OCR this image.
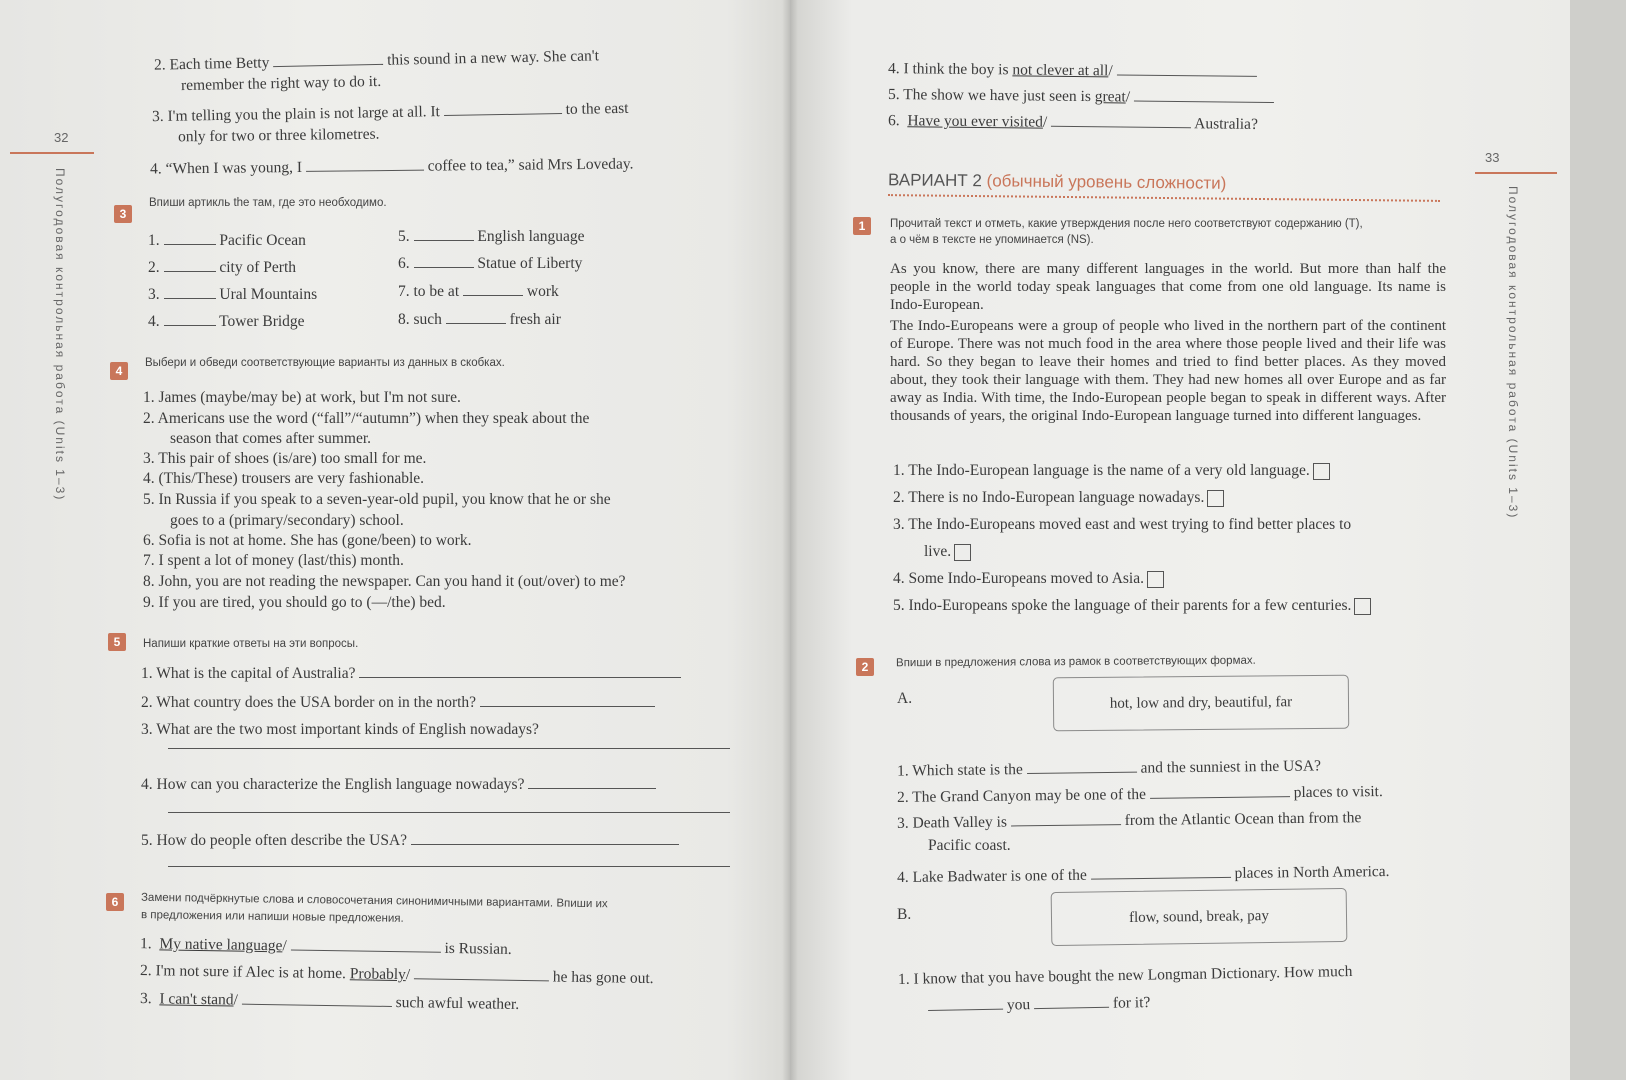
32
Полугодовая контрольная работа (Units 1–3)
2. Each time Betty	this sound in a new way. She can't
remember the right way to do it.
3. I'm telling you the plain is not large at all. It	to the east
only for two or three kilometres.
4. “When I was young, I	coffee to tea,” said Mrs Loveday.
3
Впиши артикль the там, где это необходимо.
1.	Pacific Ocean
2.	city of Perth
3.	Ural Mountains
4.	Tower Bridge
5.	English language
6.	Statue of Liberty
7. to be at	work
8. such	fresh air
4
Выбери и обведи соответствующие варианты из данных в скобках.
1. James (maybe/may be) at work, but I'm not sure.
2. Americans use the word (“fall”/“autumn”) when they speak about the
season that comes after summer.
3. This pair of shoes (is/are) too small for me.
4. (This/These) trousers are very fashionable.
5. In Russia if you speak to a seven-year-old pupil, you know that he or she
goes to a (primary/secondary) school.
6. Sofia is not at home. She has (gone/been) to work.
7. I spent a lot of money (last/this) month.
8. John, you are not reading the newspaper. Can you hand it (out/over) to me?
9. If you are tired, you should go to (—/the) bed.
5	Напиши краткие ответы на эти вопросы.
1. What is the capital of Australia?
2. What country does the USA border on in the north?
3. What are the two most important kinds of English nowadays?
4. How can you characterize the English language nowadays?
5. How do people often describe the USA?
6	Замени подчёркнутые слова и словосочетания синонимичными вариантами. Впиши их
в предложения или напиши новые предложения.
1. My native language/	is Russian.
2. I'm not sure if Alec is at home. Probably/	he has gone out.
3. I can't stand/	such awful weather.
33
Полугодовая контрольная работа (Units 1–3)
4. I think the boy is not clever at all/
5. The show we have just seen is great/
6. Have you ever visited/	Australia?
ВАРИАНТ 2 (обычный уровень сложности)
1	Прочитай текст и отметь, какие утверждения после него соответствуют содержанию (T),
а о чём в тексте не упоминается (NS).
As you know, there are many different languages in the world. But more than half the people in the world today speak languages that come from one old language. Its name is Indo-European.
The Indo-Europeans were a group of people who lived in the northern part of the continent of Europe. There was not much food in the area where those people lived and their life was hard. So they began to leave their homes and tried to find better places. As they moved about, they took their language with them. They had new homes all over Europe and as far away as India. With time, the Indo-European people began to speak in different ways. After thousands of years, the original Indo-European language turned into different languages.
1. The Indo-European language is the name of a very old language.
2. There is no Indo-European language nowadays.
3. The Indo-Europeans moved east and west trying to find better places to
live.
4. Some Indo-Europeans moved to Asia.
5. Indo-Europeans spoke the language of their parents for a few centuries.
2	Впиши в предложения слова из рамок в соответствующих формах.
A.	hot, low and dry, beautiful, far
1. Which state is the	and the sunniest in the USA?
2. The Grand Canyon may be one of the	places to visit.
3. Death Valley is	from the Atlantic Ocean than from the
Pacific coast.
4. Lake Badwater is one of the	places in North America.
B.	flow, sound, break, pay
1. I know that you have bought the new Longman Dictionary. How much
you	for it?
